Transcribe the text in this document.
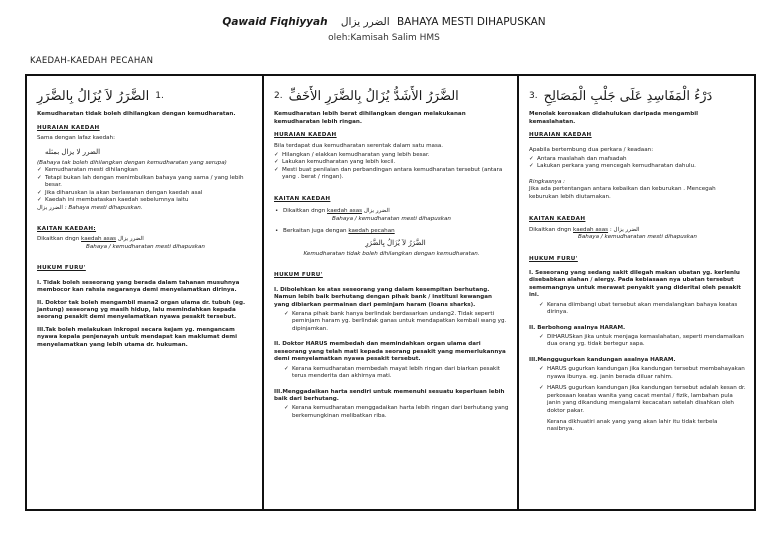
Qawaid Fiqhiyyah الضرر يزال BAHAYA MESTI DIHAPUSKAN
oleh:Kamisah Salim HMS
KAEDAH-KAEDAH PECAHAN
1.
الضَّرَرُ لاَ يُزَالُ بِالضَّرَرِ
Kemudharatan tidak boleh dihilangkan dengan kemudharatan.
HURAIAN KAEDAH
Sama dengan lafaz kaedah:
الضرر لا يزال بمثله
(Bahaya tak boleh dihilangkan dengan kemudharatan yang serupa)
✓ Kemudharatan mesti dihilangkan
✓ Tetapi bukan lah dengan menimbulkan bahaya yang sama / yang lebih besar.
✓ Jika diharuskan ia akan berlawanan dengan kaedah asal
✓ Kaedah ini membataskan kaedah sebelumnya iaitu
الضرر يزال : Bahaya mesti dihapuskan.
KAITAN KAEDAH:
Dikaitkan dngn kaedah asas الضرر يزال
Bahaya / kemudharatan mesti dihapuskan
HUKUM FURU'
I. Tidak boleh seseorang yang berada dalam tahanan musuhnya membocor kan rahsia negaranya demi menyelamatkan dirinya.
II. Doktor tak boleh mengambil mana2 organ ulama dr. tubuh (eg. jantung) seseorang yg masih hidup, lalu memindahkan kepada seorang pesakit demi menyelamatkan nyawa pesakit tersebut.
III.Tak boleh melakukan inkropsi secara kejam yg. mengancam nyawa kepala penjenayah untuk mendapat kan maklumat demi menyelamatkan yang lebih utama dr. hukuman.
2. الضَّرَرُ الأَشَدُّ يُزَالُ بِالضَّرَرِ الأَخَفِّ
Kemudharatan lebih berat dihilangkan dengan melakukanan kemudharatan lebih ringan.
HURAIAN KAEDAH
Bila terdapat dua kemudharatan serentak dalam satu masa.
✓ Hilangkan / elakkan kemudharatan yang lebih besar.
✓ Lakukan kemudharatan yang lebih kecil.
✓ Mesti buat penilaian dan perbandingan antara kemudharatan tersebut (antara yang . berat / ringan).
KAITAN KAEDAH
• Dikaitkan dngn kaedah asas الضرر يزال
Bahaya / kemudharatan mesti dihapuskan
• Berkaitan juga dengan kaedah pecahan
الضَّرَرُ لاَ يُزَالُ بِالضَّرَرِ
Kemudharatan tidak boleh dihilangkan dengan kemudharatan.
HUKUM FURU'
I. Dibolehkan ke atas seseorang yang dalam kesempitan berhutang. Namun lebih baik berhutang dengan pihak bank / institusi kewangan yang dibiarkan permainan dari peminjam haram (loans sharks).
✓ Kerana pihak bank hanya berlindak berdasarkan undang2. Tidak seperti peminjam haram yg. berlindak ganas untuk mendapatkan kembali wang yg. dipinjamkan.
II. Doktor HARUS membedah dan memindahkan organ ulama dari seseorang yang telah mati kepada seorang pesakit yang memerlukannya demi menyelamatkan nyawa pesakit tersebut.
✓ Kerana kemudharatan membedah mayat lebih ringan dari biarkan pesakit terus menderita dan akhirnya mati.
III.Menggadaikan harta sendiri untuk memenuhi sesuatu keperluan lebih baik dari berhutang.
✓ Kerana kemudharatan menggadaikan harta lebih ringan dari berhutang yang berkemungkinan melibatkan riba.
3. دَرْءُ الْمَفَاسِدِ عَلَى جَلْبِ الْمَصَالِحِ
Menolak kerosakan didahulukan daripada mengambil kemaslahatan.
HURAIAN KAEDAH
Apabila bertembung dua perkara / keadaan:
✓ Antara maslahah dan mafsadah
✓ Lakukan perkara yang mencegah kemudharatan dahulu.
Ringkasnya :
Jika ada pertentangan antara kebaikan dan keburukan . Mencegah keburukan lebih diutamakan.
KAITAN KAEDAH
Dikaitkan dngn kaedah asas : الضرر يزال
Bahaya / kemudharatan mesti dihapuskan
HUKUM FURU'
I. Seseorang yang sedang sakit dilegah makan ubatan yg. kerlenlu disebabkan alahan / alergy. Pada kebiasaan nya ubatan tersebut sememangnya untuk merawat penyakit yang dideritai oleh pesakit ini.
✓ Kerana diimbangi ubat tersebut akan mendalangkan bahaya keatas dirinya.
II. Berbohong asalnya HARAM.
✓ DIHARUSkan jika untuk menjaga kemaslahatan, seperti mendamaikan dua orang yg. tidak bertegur sapa.
III.Menggugurkan kandungan asalnya HARAM.
✓ HARUS gugurkan kandungan jika kandungan tersebut membahayakan nyawa ibunya. eg. janin berada diluar rahim.
✓ HARUS gugurkan kandungan jika kandungan tersebut adalah kesan dr. perkosaan keatas wanita yang cacat mental / fizik, lambahan pula janin yang dikandung mengalami kecacatan setelah disahkan oleh doktor pakar.
Kerana dikhuatiri anak yang yang akan lahir itu tidak terbela nasibnya.
